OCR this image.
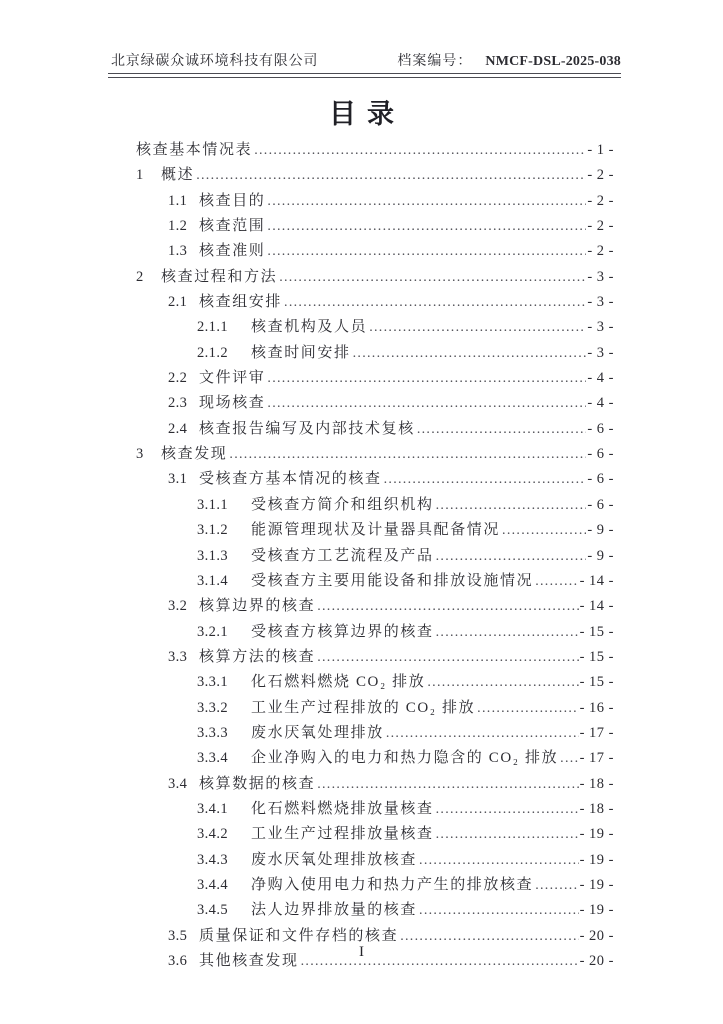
北京绿碳众诚环境科技有限公司	档案编号： NMCF-DSL-2025-038
目录
核查基本情况表 .....	- 1 -
1	概述 .....	- 2 -
1.1 核查目的 .....	- 2 -
1.2 核查范围 .....	- 2 -
1.3 核查准则 .....	- 2 -
2	核查过程和方法 .....	- 3 -
2.1 核查组安排 .....	- 3 -
2.1.1	核查机构及人员 .....	- 3 -
2.1.2	核查时间安排 .....	- 3 -
2.2 文件评审 .....	- 4 -
2.3 现场核查 .....	- 4 -
2.4 核查报告编写及内部技术复核 .....	- 6 -
3	核查发现 .....	- 6 -
3.1 受核查方基本情况的核查 .....	- 6 -
3.1.1	受核查方简介和组织机构 .....	- 6 -
3.1.2	能源管理现状及计量器具配备情况 .....	- 9 -
3.1.3	受核查方工艺流程及产品 .....	- 9 -
3.1.4	受核查方主要用能设备和排放设施情况 .....	- 14 -
3.2 核算边界的核查 .....	- 14 -
3.2.1	受核查方核算边界的核查 .....	- 15 -
3.3 核算方法的核查 .....	- 15 -
3.3.1	化石燃料燃烧 CO₂ 排放 .....	- 15 -
3.3.2	工业生产过程排放的 CO₂ 排放 .....	- 16 -
3.3.3	废水厌氧处理排放 .....	- 17 -
3.3.4	企业净购入的电力和热力隐含的 CO₂ 排放 ..... - 17 -
3.4 核算数据的核查 .....	- 18 -
3.4.1	化石燃料燃烧排放量核查 .....	- 18 -
3.4.2	工业生产过程排放量核查 .....	- 19 -
3.4.3	废水厌氧处理排放核查 .....	- 19 -
3.4.4	净购入使用电力和热力产生的排放核查 .....	- 19 -
3.4.5	法人边界排放量的核查 .....	- 19 -
3.5 质量保证和文件存档的核查 .....	- 20 -
3.6 其他核查发现 .....	- 20 -
I
